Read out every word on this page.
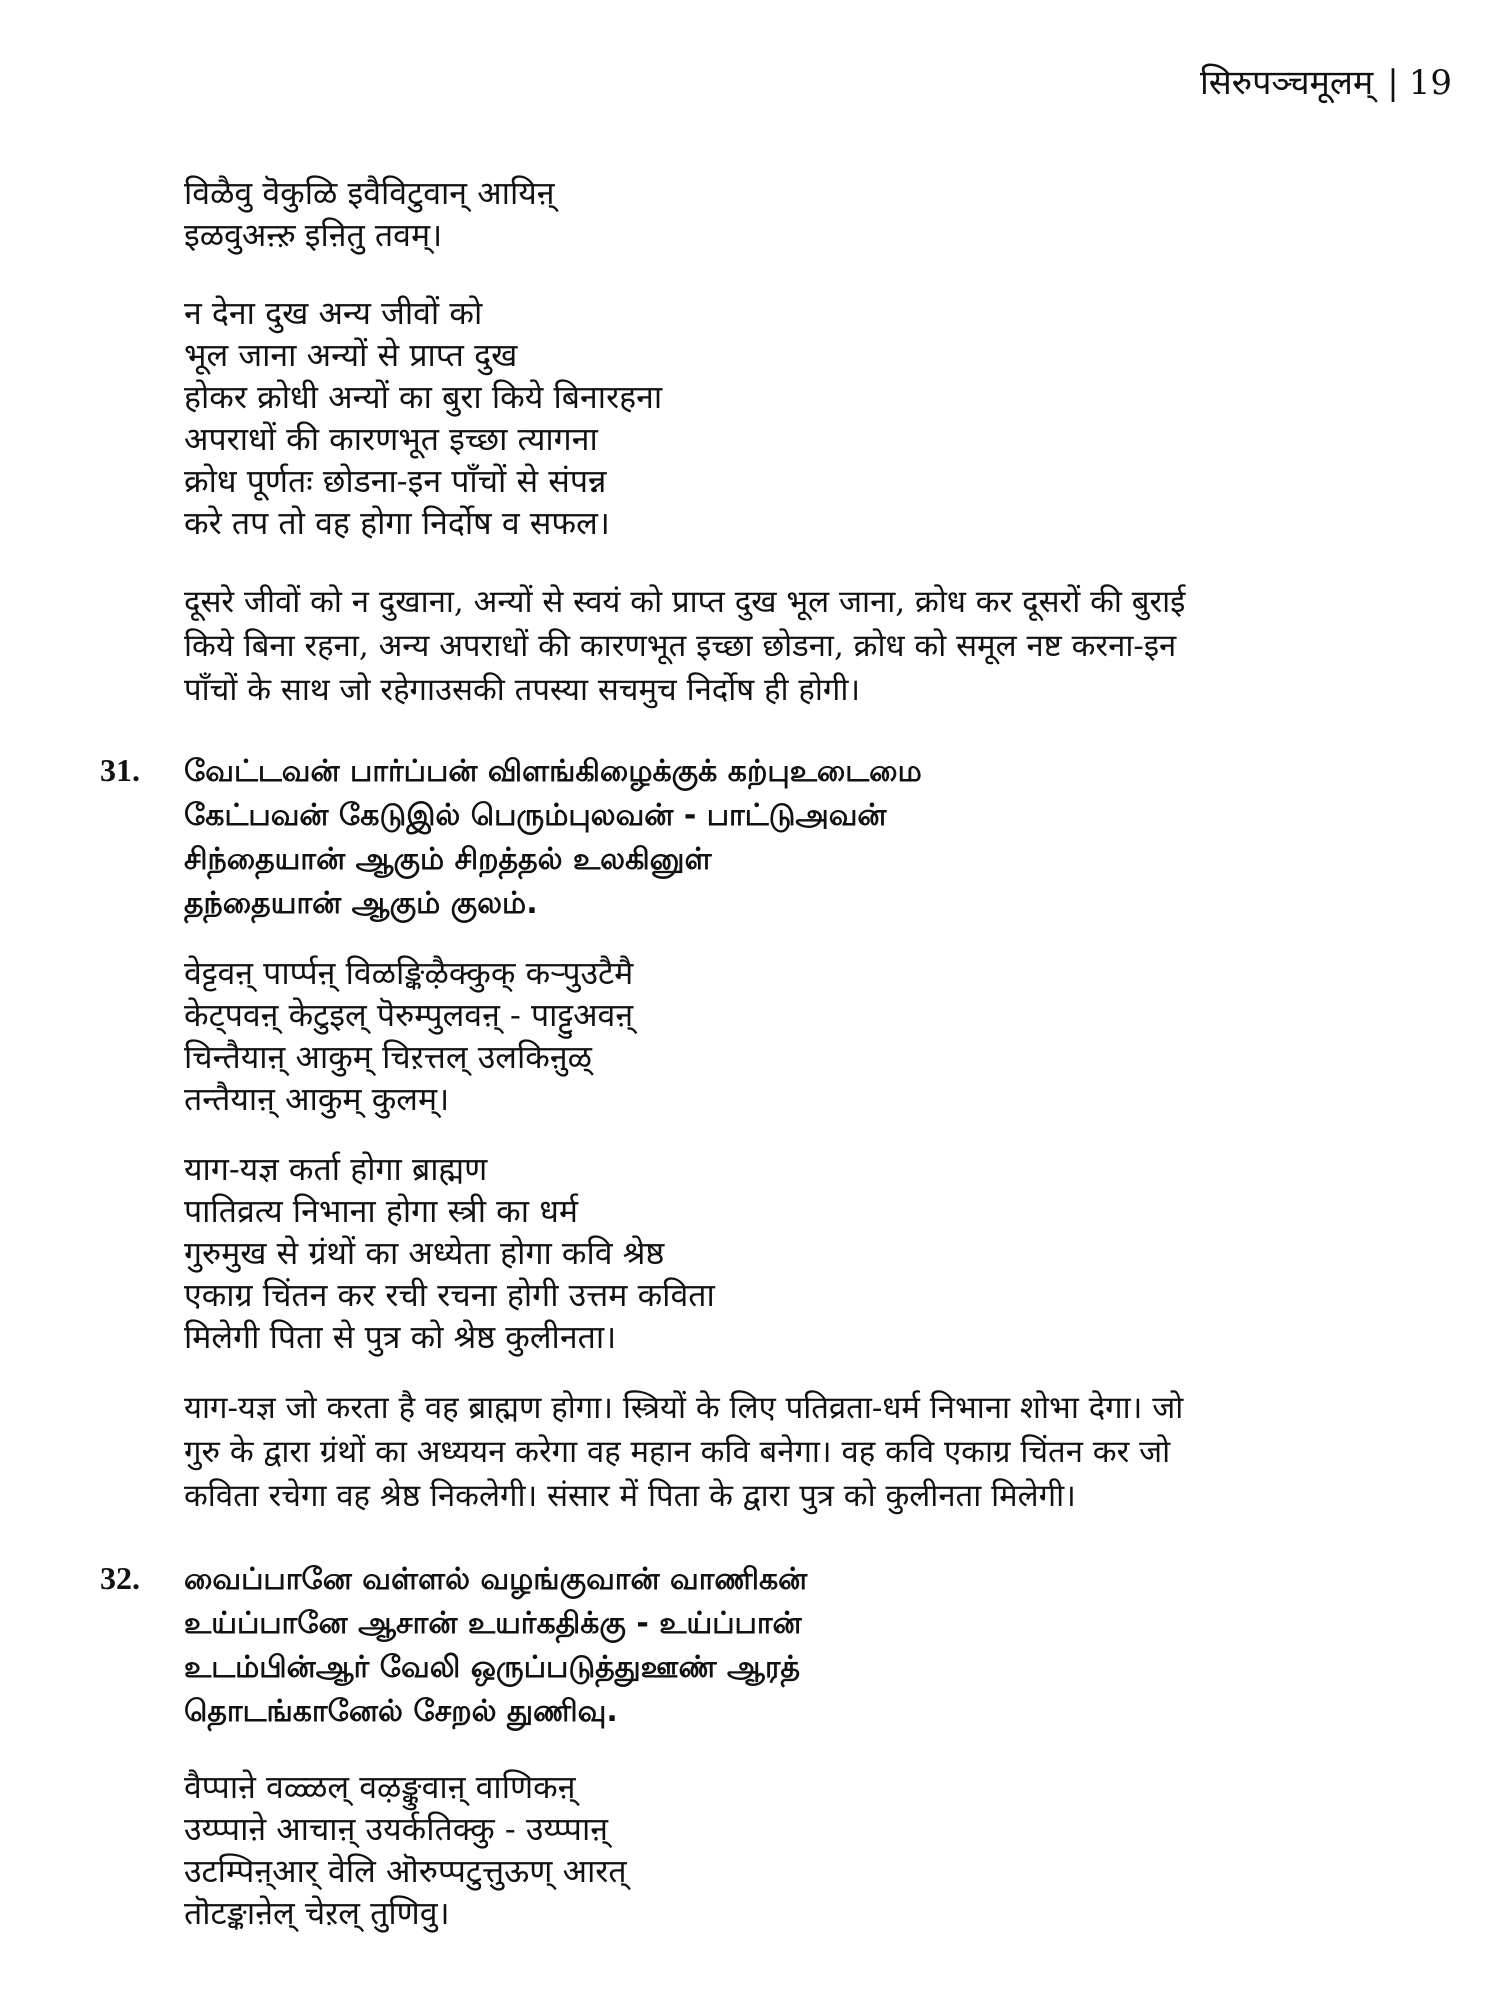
सिरुपञ्चमूलम् | 19
विळैवु वॆकुळि इवैविटुवान् आयिऩ्
इळवुअऩ्ऱु इऩितु तवम्।
न देना दुख अन्य जीवों को
भूल जाना अन्यों से प्राप्त दुख
होकर क्रोधी अन्यों का बुरा किये बिनारहना
अपराधों की कारणभूत इच्छा त्यागना
क्रोध पूर्णतः छोडना-इन पाँचों से संपन्न
करे तप तो वह होगा निर्दोष व सफल।
दूसरे जीवों को न दुखाना, अन्यों से स्वयं को प्राप्त दुख भूल जाना, क्रोध कर दूसरों की बुराई
किये बिना रहना, अन्य अपराधों की कारणभूत इच्छा छोडना, क्रोध को समूल नष्ट करना-इन
पाँचों के साथ जो रहेगाउसकी तपस्या सचमुच निर्दोष ही होगी।
31. வேட்டவன் பார்ப்பன் விளங்கிழைக்குக் கற்புஉடைமை
கேட்பவன் கேடுஇல் பெரும்புலவன் - பாட்டுஅவன்
சிந்தையான் ஆகும் சிறத்தல் உலகினுள்
தந்தையான் ஆகும் குலம்.
वेट्टवऩ् पार्प्पऩ् विळङ्किऴैक्कुक् कऱ्पुउटैमै
केट्पवऩ् केटुइल् पॆरुम्पुलवऩ् - पाट्टुअवऩ्
चिन्तैयाऩ् आकुम् चिऱत्तल् उलकिऩुळ्
तन्तैयाऩ् आकुम् कुलम्।
याग-यज्ञ कर्ता होगा ब्राह्मण
पातिव्रत्य निभाना होगा स्त्री का धर्म
गुरुमुख से ग्रंथों का अध्येता होगा कवि श्रेष्ठ
एकाग्र चिंतन कर रची रचना होगी उत्तम कविता
मिलेगी पिता से पुत्र को श्रेष्ठ कुलीनता।
याग-यज्ञ जो करता है वह ब्राह्मण होगा। स्त्रियों के लिए पतिव्रता-धर्म निभाना शोभा देगा। जो
गुरु के द्वारा ग्रंथों का अध्ययन करेगा वह महान कवि बनेगा। वह कवि एकाग्र चिंतन कर जो
कविता रचेगा वह श्रेष्ठ निकलेगी। संसार में पिता के द्वारा पुत्र को कुलीनता मिलेगी।
32. வைப்பானே வள்ளல் வழங்குவான் வாணிகன்
உய்ப்பானே ஆசான் உயர்கதிக்கு - உய்ப்பான்
உடம்பின்ஆர் வேலி ஒருப்படுத்துஊண் ஆரத்
தொடங்கானேல் சேறல் துணிவு.
वैप्पाऩे वळ्ळल् वऴङ्कुवाऩ् वाणिकऩ्
उय्प्पाऩे आचाऩ् उयर्कतिक्कु - उय्प्पाऩ्
उटम्पिऩ्आर् वेलि ऒरुप्पटुत्तुऊण् आरत्
तॊटङ्काऩेल् चेऱल् तुणिवु।
